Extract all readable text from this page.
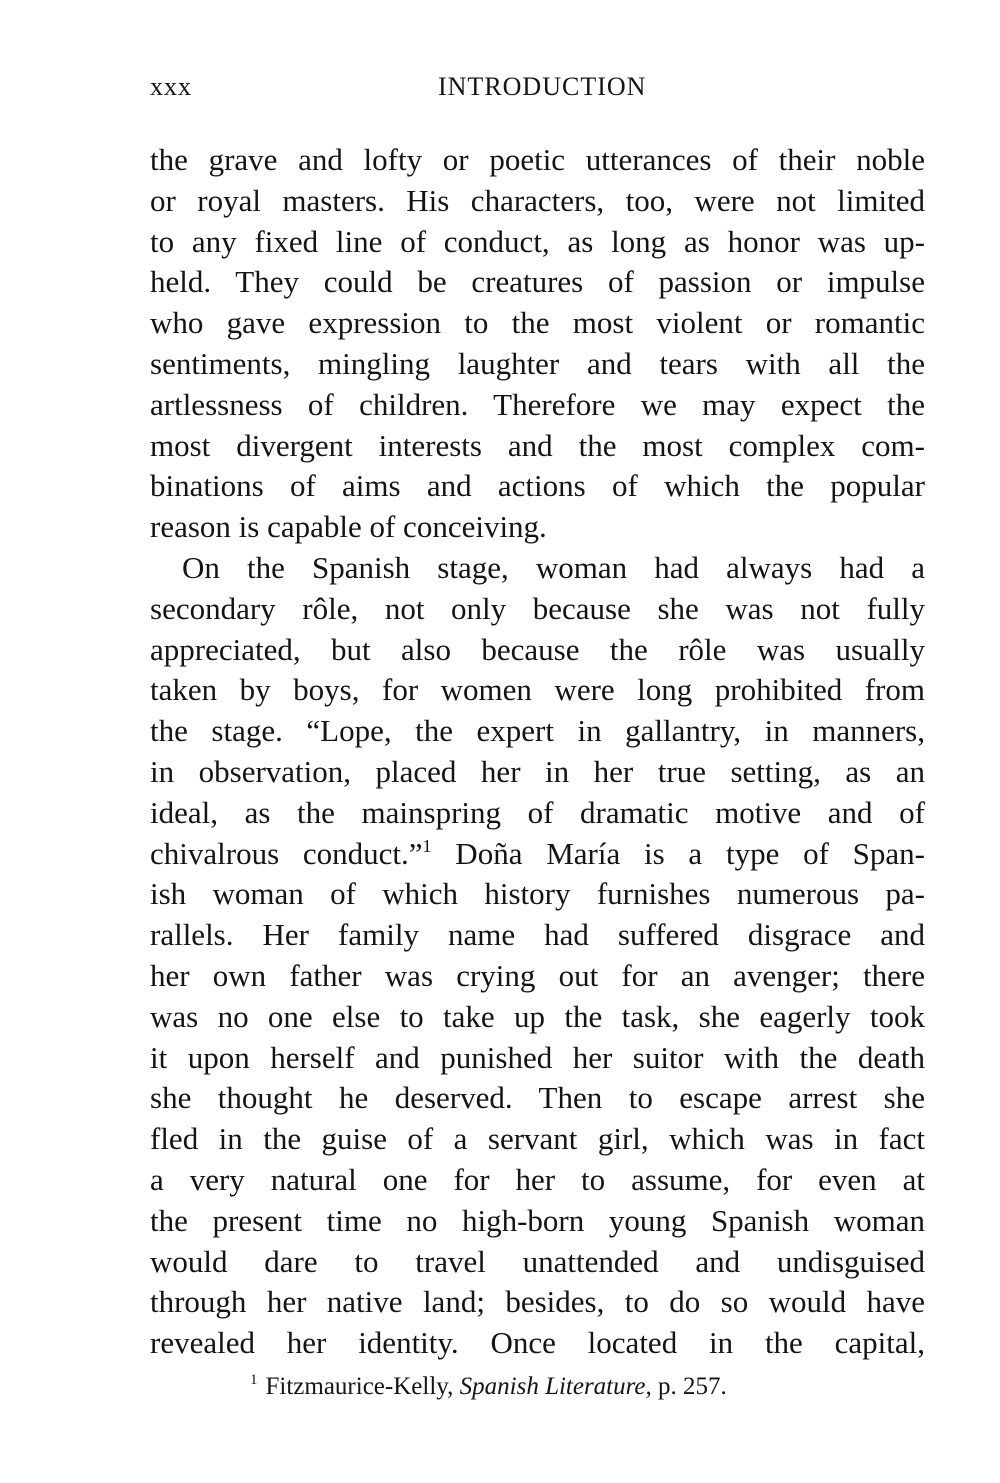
xxx	INTRODUCTION
the grave and lofty or poetic utterances of their noble
or royal masters. His characters, too, were not limited
to any fixed line of conduct, as long as honor was up-
held. They could be creatures of passion or impulse
who gave expression to the most violent or romantic
sentiments, mingling laughter and tears with all the
artlessness of children. Therefore we may expect the
most divergent interests and the most complex com-
binations of aims and actions of which the popular
reason is capable of conceiving.
On the Spanish stage, woman had always had a
secondary rôle, not only because she was not fully
appreciated, but also because the rôle was usually
taken by boys, for women were long prohibited from
the stage. “Lope, the expert in gallantry, in manners,
in observation, placed her in her true setting, as an
ideal, as the mainspring of dramatic motive and of
chivalrous conduct.”$^1$ Doña María is a type of Span-
ish woman of which history furnishes numerous pa-
rallels. Her family name had suffered disgrace and
her own father was crying out for an avenger; there
was no one else to take up the task, she eagerly took
it upon herself and punished her suitor with the death
she thought he deserved. Then to escape arrest she
fled in the guise of a servant girl, which was in fact
a very natural one for her to assume, for even at
the present time no high-born young Spanish woman
would dare to travel unattended and undisguised
through her native land; besides, to do so would have
revealed her identity. Once located in the capital,
$^1$ Fitzmaurice-Kelly, Spanish Literature, p. 257.
